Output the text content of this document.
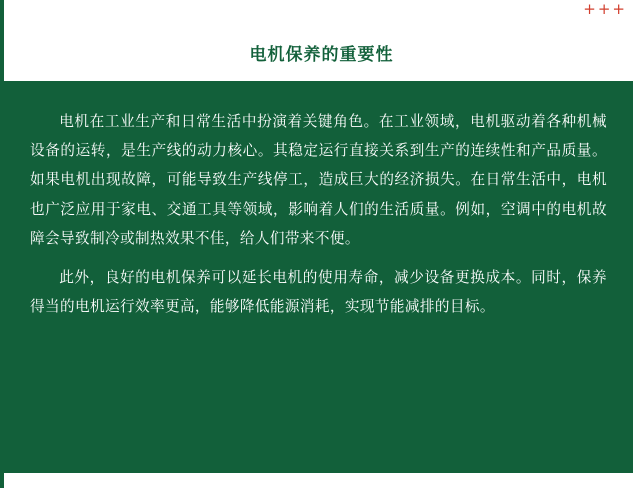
+++
电机保养的重要性

电机在工业生产和日常生活中扮演着关键角色。在工业领域，电机驱动着各种机械设备的运转，是生产线的动力核心。其稳定运行直接关系到生产的连续性和产品质量。如果电机出现故障，可能导致生产线停工，造成巨大的经济损失。在日常生活中，电机也广泛应用于家电、交通工具等领域，影响着人们的生活质量。例如，空调中的电机故障会导致制冷或制热效果不佳，给人们带来不便。

此外，良好的电机保养可以延长电机的使用寿命，减少设备更换成本。同时，保养得当的电机运行效率更高，能够降低能源消耗，实现节能减排的目标。
